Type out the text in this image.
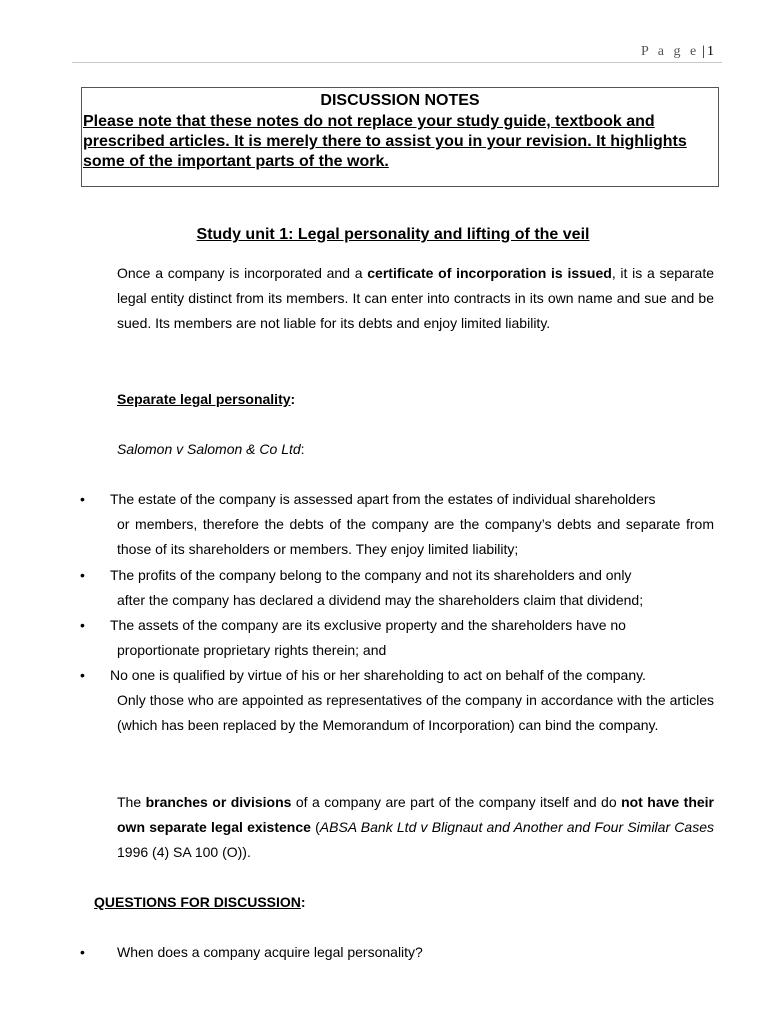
P a g e | 1
DISCUSSION NOTES
Please note that these notes do not replace your study guide, textbook and prescribed articles. It is merely there to assist you in your revision. It highlights some of the important parts of the work.
Study unit 1: Legal personality and lifting of the veil
Once a company is incorporated and a certificate of incorporation is issued, it is a separate legal entity distinct from its members. It can enter into contracts in its own name and sue and be sued. Its members are not liable for its debts and enjoy limited liability.
Separate legal personality:
Salomon v Salomon & Co Ltd:
• The estate of the company is assessed apart from the estates of individual shareholders
or members, therefore the debts of the company are the company’s debts and separate from those of its shareholders or members. They enjoy limited liability;
• The profits of the company belong to the company and not its shareholders and only
after the company has declared a dividend may the shareholders claim that dividend;
• The assets of the company are its exclusive property and the shareholders have no
proportionate proprietary rights therein; and
• No one is qualified by virtue of his or her shareholding to act on behalf of the company.
Only those who are appointed as representatives of the company in accordance with the articles (which has been replaced by the Memorandum of Incorporation) can bind the company.
The branches or divisions of a company are part of the company itself and do not have their own separate legal existence (ABSA Bank Ltd v Blignaut and Another and Four Similar Cases 1996 (4) SA 100 (O)).
QUESTIONS FOR DISCUSSION:
• When does a company acquire legal personality?
